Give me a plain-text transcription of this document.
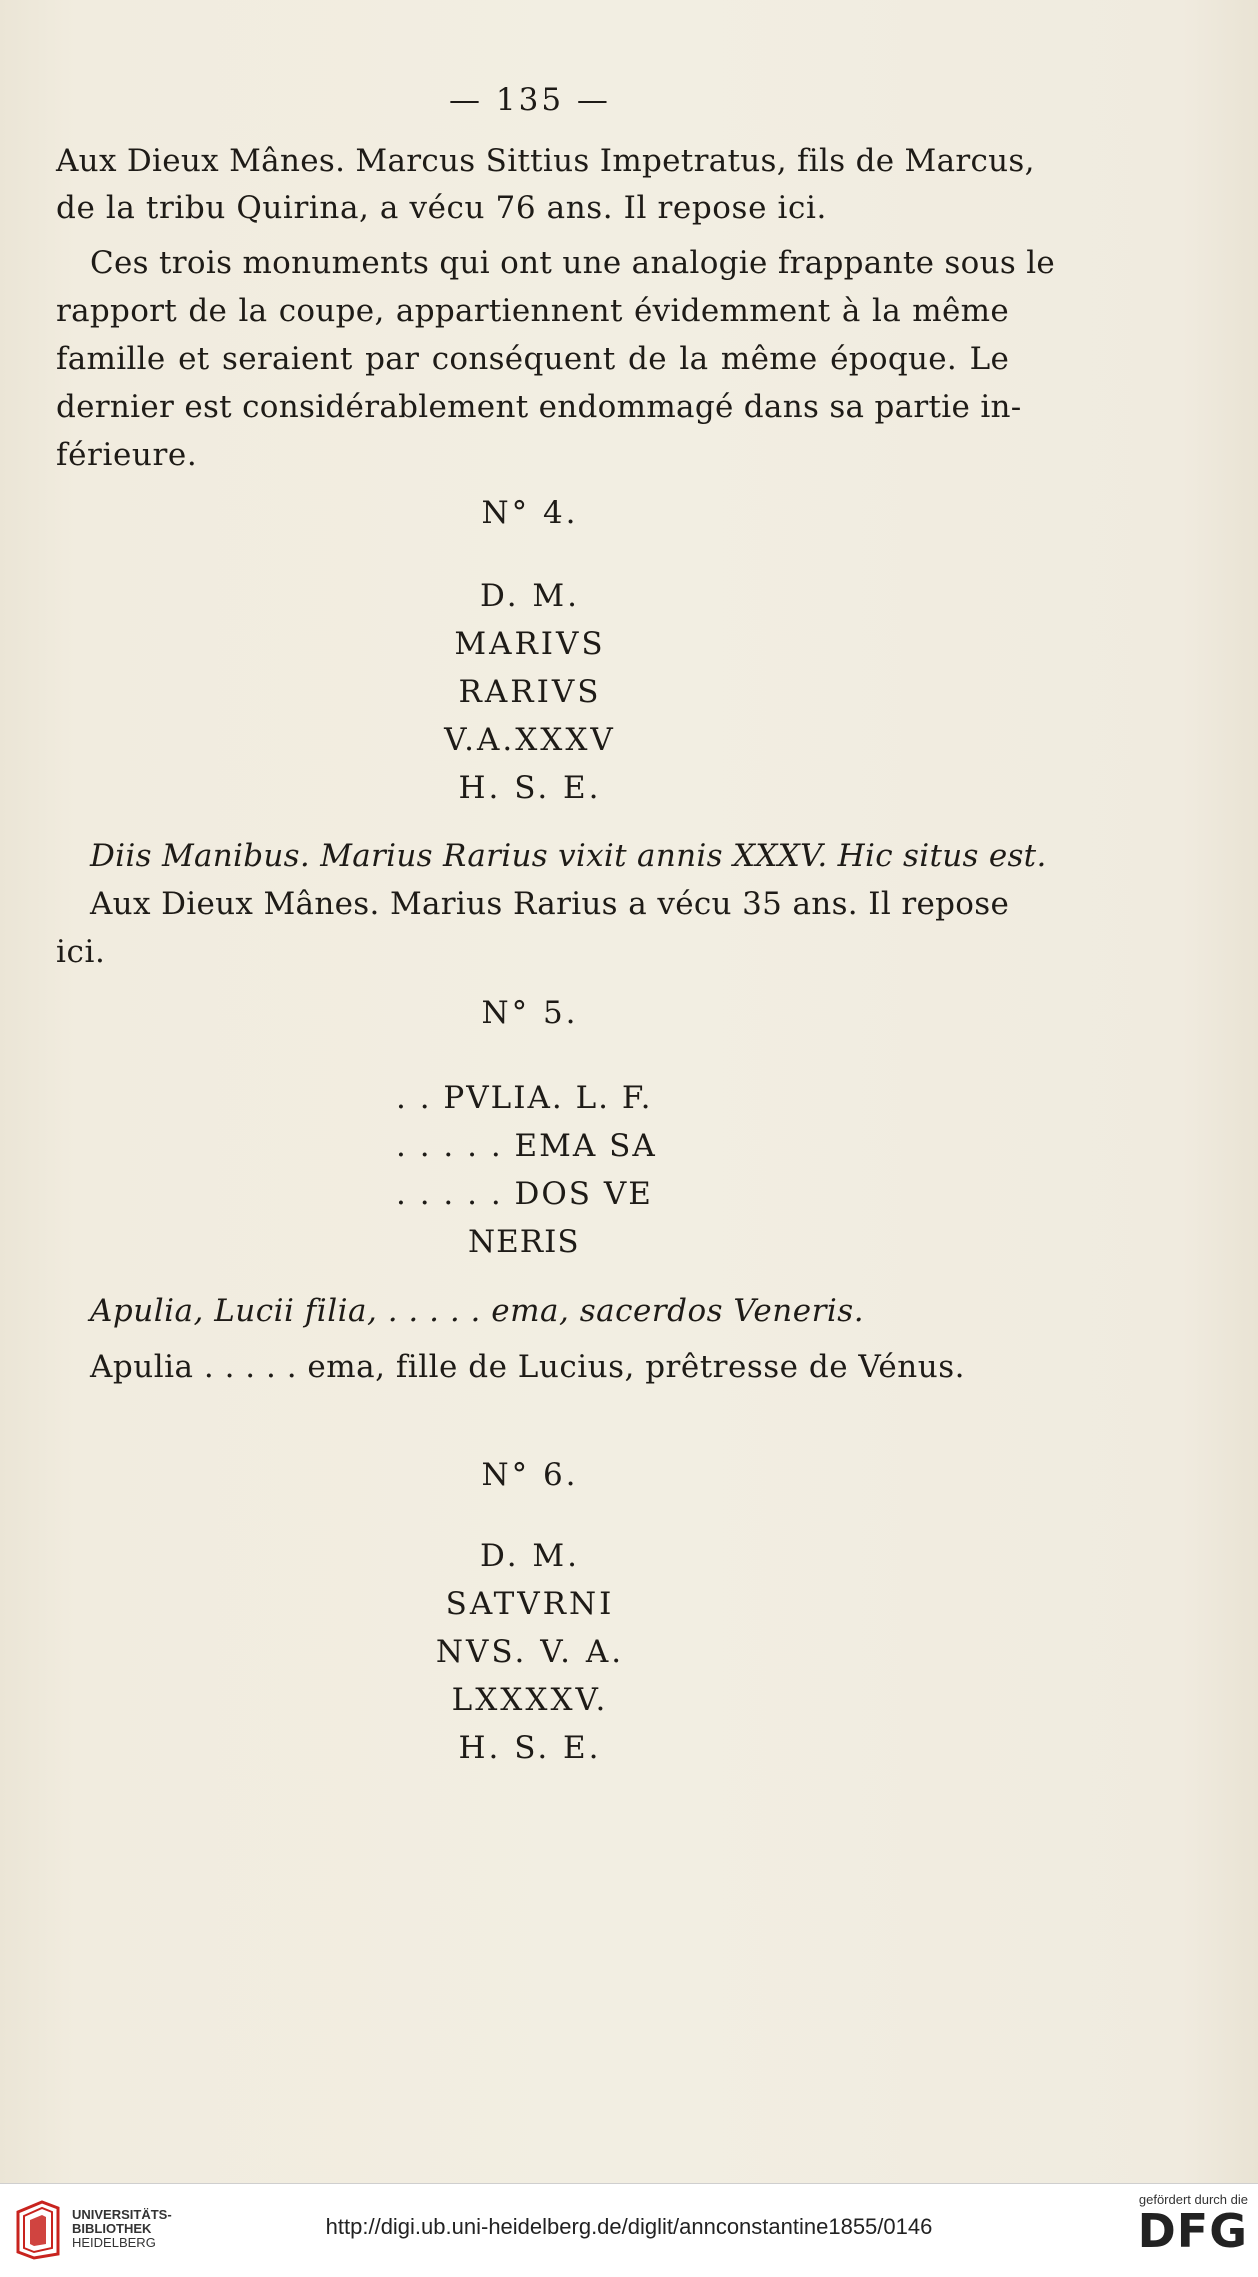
— 135 —
Aux Dieux Mânes. Marcus Sittius Impetratus, fils de Marcus,
de la tribu Quirina, a vécu 76 ans. Il repose ici.
Ces trois monuments qui ont une analogie frappante sous le
rapport de la coupe, appartiennent évidemment à la même
famille et seraient par conséquent de la même époque. Le
dernier est considérablement endommagé dans sa partie in-
férieure.
N° 4.
D. M.
MARIVS
RARIVS
V.A.XXXV
H. S. E.
Diis Manibus. Marius Rarius vixit annis XXXV. Hic situs est.
Aux Dieux Mânes. Marius Rarius a vécu 35 ans. Il repose
ici.
N° 5.
. . PVLIA. L. F.
. . . . . EMA SA
. . . . . DOS VE
NERIS
Apulia, Lucii filia, . . . . . ema, sacerdos Veneris.
Apulia . . . . . ema, fille de Lucius, prêtresse de Vénus.
N° 6.
D. M.
SATVRNI
NVS. V. A.
LXXXXV.
H. S. E.
UNIVERSITÄTS-
BIBLIOTHEK
HEIDELBERG
http://digi.ub.uni-heidelberg.de/diglit/annconstantine1855/0146
gefördert durch die
DFG
